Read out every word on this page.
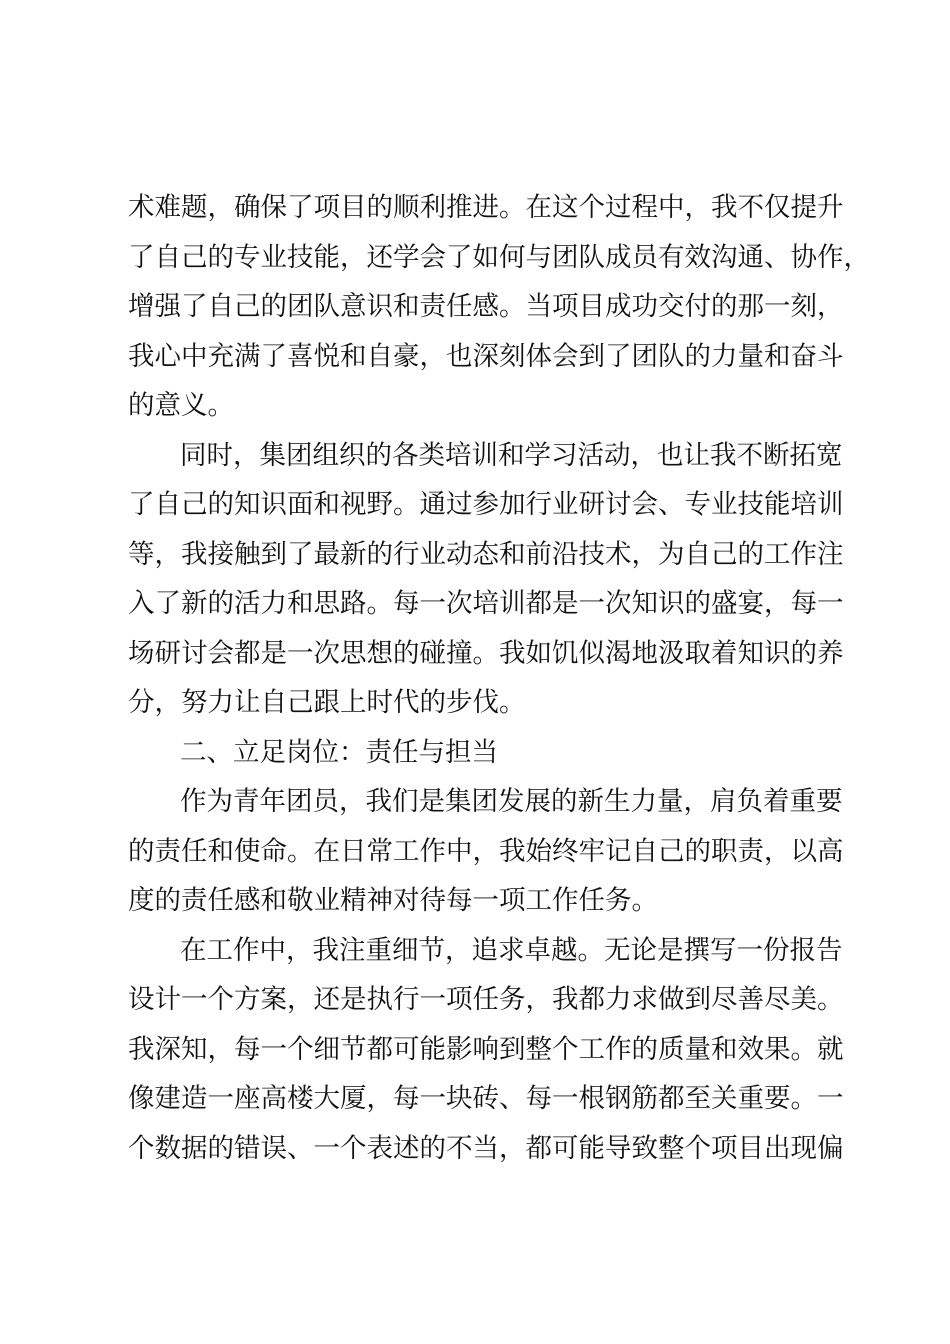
术难题，确保了项目的顺利推进。在这个过程中，我不仅提升
了自己的专业技能，还学会了如何与团队成员有效沟通、协作，
增强了自己的团队意识和责任感。当项目成功交付的那一刻，
我心中充满了喜悦和自豪，也深刻体会到了团队的力量和奋斗
的意义。
同时，集团组织的各类培训和学习活动，也让我不断拓宽
了自己的知识面和视野。通过参加行业研讨会、专业技能培训
等，我接触到了最新的行业动态和前沿技术，为自己的工作注
入了新的活力和思路。每一次培训都是一次知识的盛宴，每一
场研讨会都是一次思想的碰撞。我如饥似渴地汲取着知识的养
分，努力让自己跟上时代的步伐。
二、立足岗位：责任与担当
作为青年团员，我们是集团发展的新生力量，肩负着重要
的责任和使命。在日常工作中，我始终牢记自己的职责，以高
度的责任感和敬业精神对待每一项工作任务。
在工作中，我注重细节，追求卓越。无论是撰写一份报告
设计一个方案，还是执行一项任务，我都力求做到尽善尽美。
我深知，每一个细节都可能影响到整个工作的质量和效果。就
像建造一座高楼大厦，每一块砖、每一根钢筋都至关重要。一
个数据的错误、一个表述的不当，都可能导致整个项目出现偏
